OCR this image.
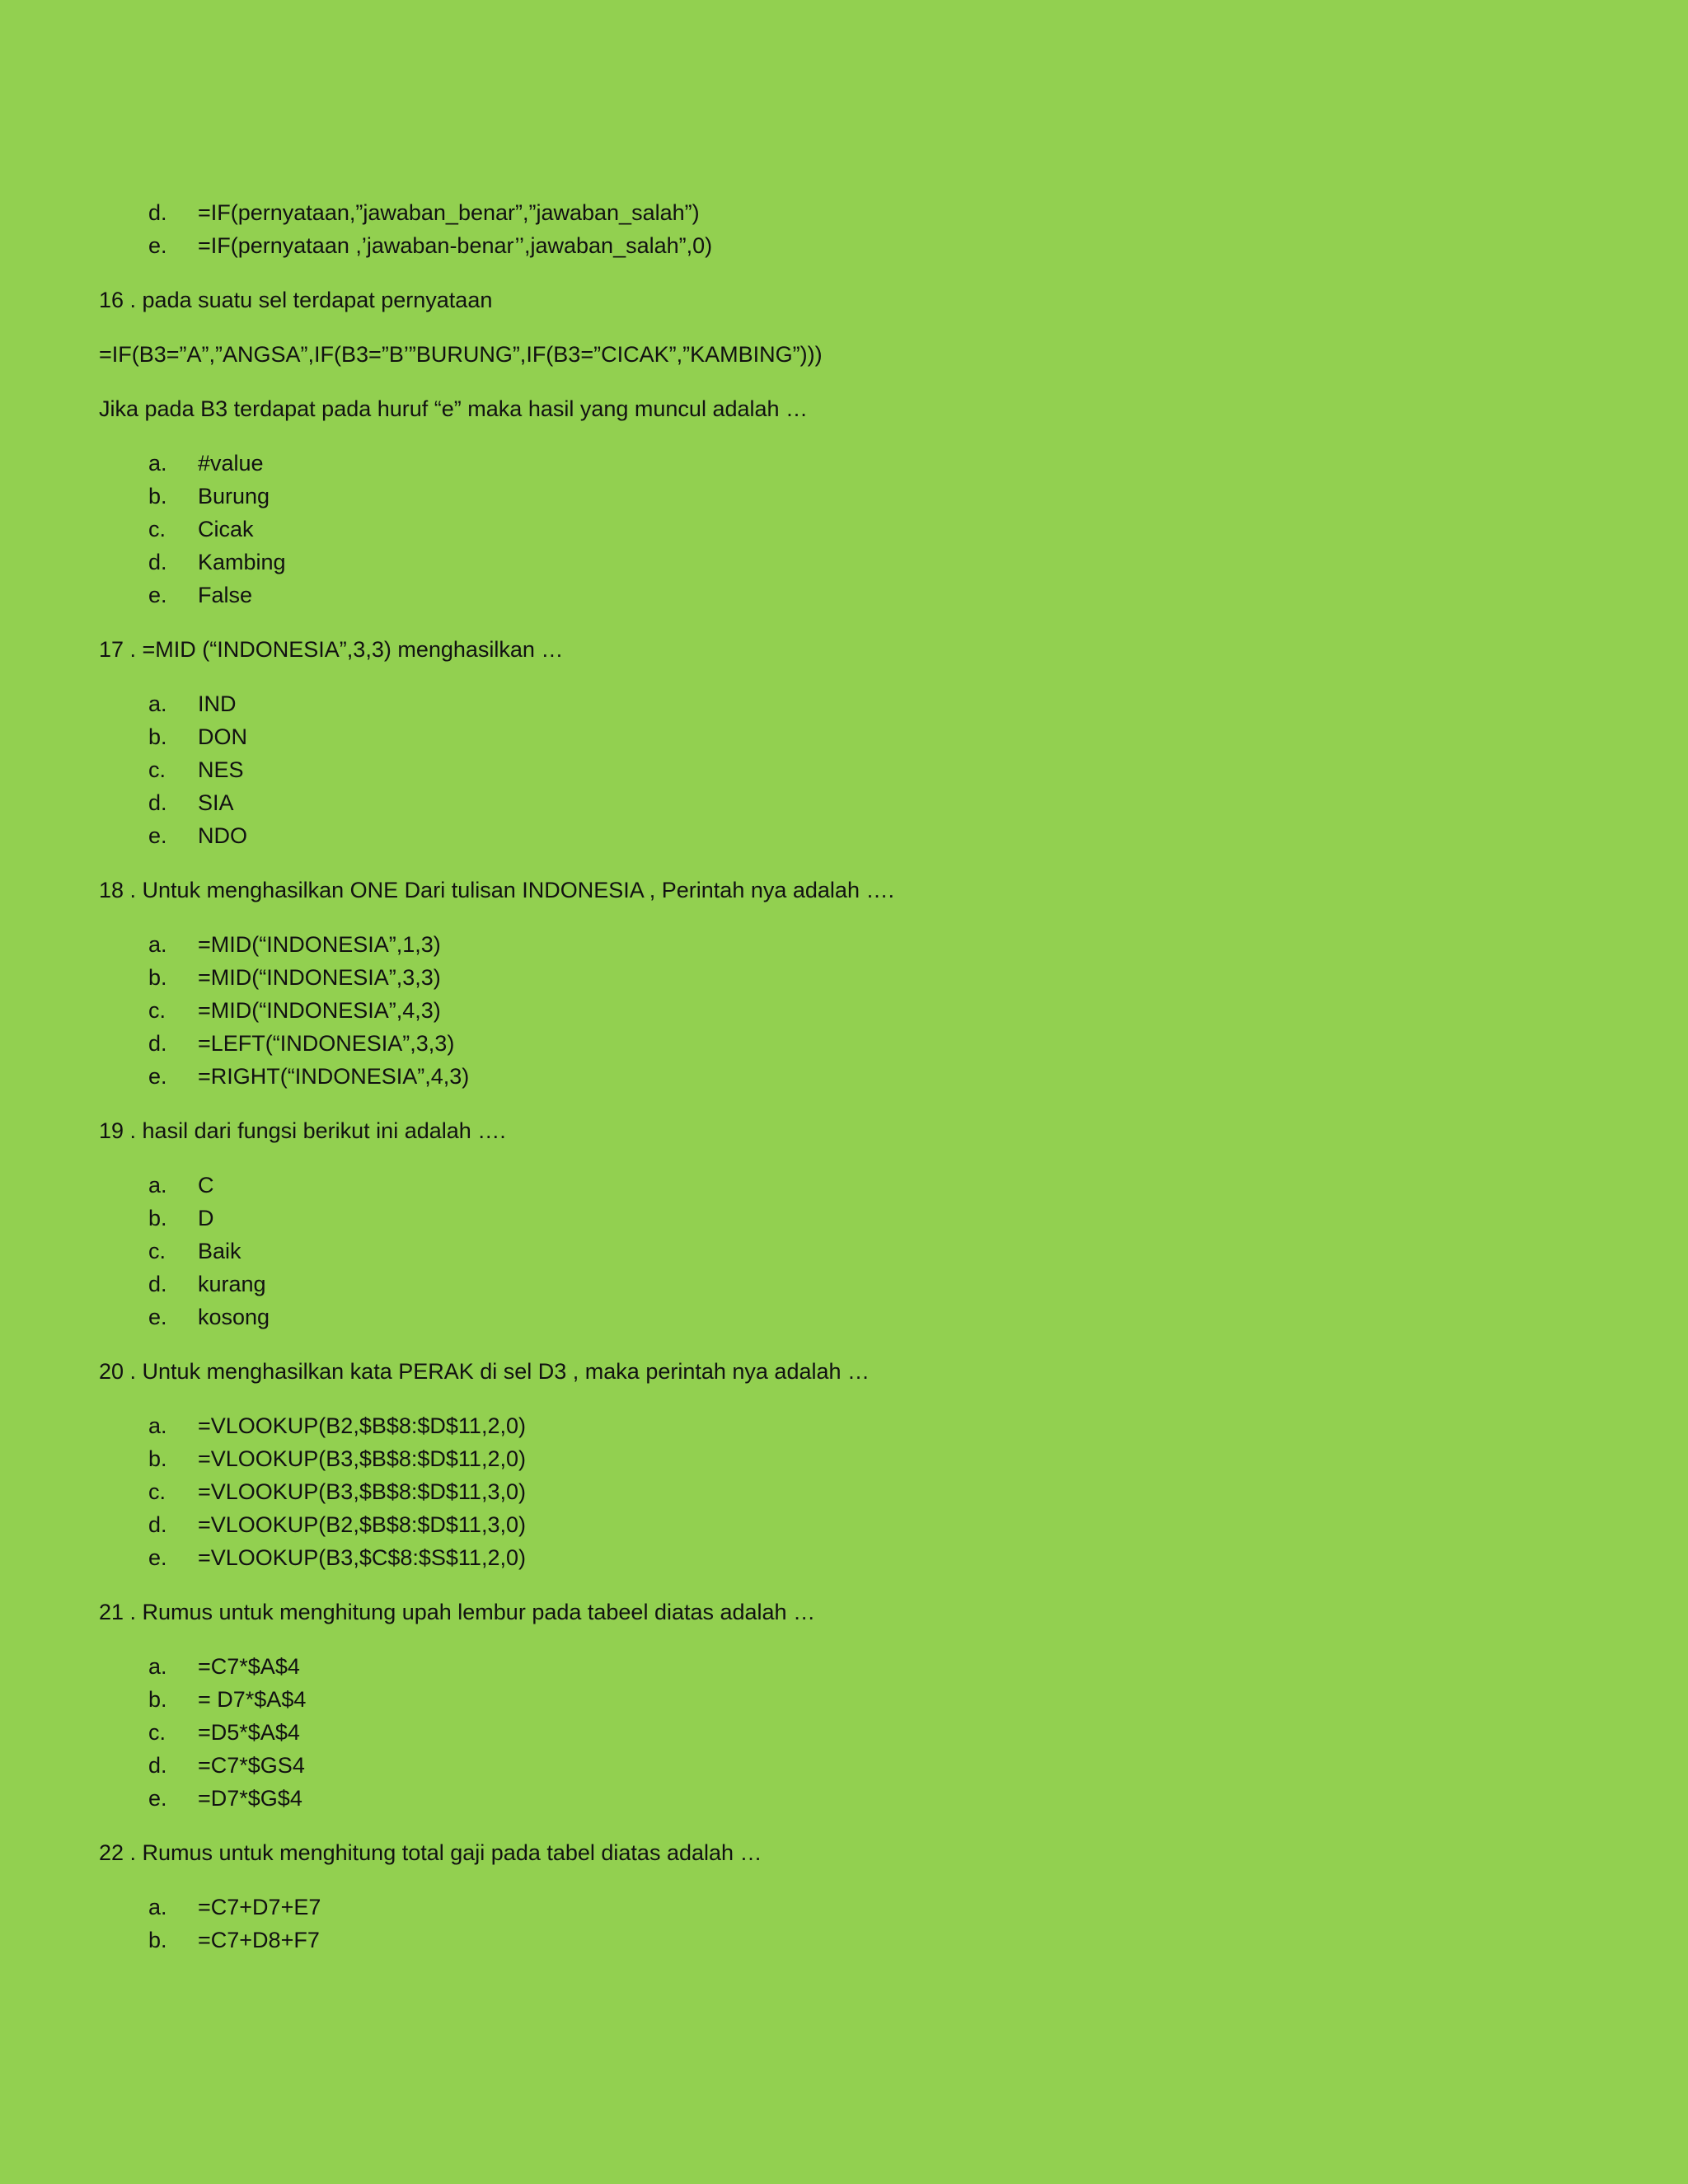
d.	=IF(pernyataan,”jawaban_benar”,”jawaban_salah”)
e.	=IF(pernyataan ,’jawaban-benar’’,jawaban_salah”,0)
16 . pada suatu sel terdapat pernyataan
=IF(B3=”A”,”ANGSA”,IF(B3=”B’”BURUNG”,IF(B3=”CICAK”,”KAMBING”)))
Jika pada B3 terdapat pada huruf “e” maka hasil yang muncul adalah …
a.	#value
b.	Burung
c.	Cicak
d.	Kambing
e.	False
17 . =MID (“INDONESIA”,3,3) menghasilkan …
a.	IND
b.	DON
c.	NES
d.	SIA
e.	NDO
18 . Untuk menghasilkan ONE Dari tulisan INDONESIA , Perintah nya adalah ….
a.	=MID(“INDONESIA”,1,3)
b.	=MID(“INDONESIA”,3,3)
c.	=MID(“INDONESIA”,4,3)
d.	=LEFT(“INDONESIA”,3,3)
e.	=RIGHT(“INDONESIA”,4,3)
19 . hasil dari fungsi berikut ini adalah ….
a.	C
b.	D
c.	Baik
d.	kurang
e.	kosong
20 . Untuk menghasilkan kata PERAK di sel D3 , maka perintah nya adalah …
a.	=VLOOKUP(B2,$B$8:$D$11,2,0)
b.	=VLOOKUP(B3,$B$8:$D$11,2,0)
c.	=VLOOKUP(B3,$B$8:$D$11,3,0)
d.	=VLOOKUP(B2,$B$8:$D$11,3,0)
e.	=VLOOKUP(B3,$C$8:$S$11,2,0)
21 . Rumus untuk menghitung upah lembur pada tabeel diatas adalah …
a.	=C7*$A$4
b.	= D7*$A$4
c.	=D5*$A$4
d.	=C7*$GS4
e.	=D7*$G$4
22 . Rumus untuk menghitung total gaji pada tabel diatas adalah …
a.	=C7+D7+E7
b.	=C7+D8+F7
